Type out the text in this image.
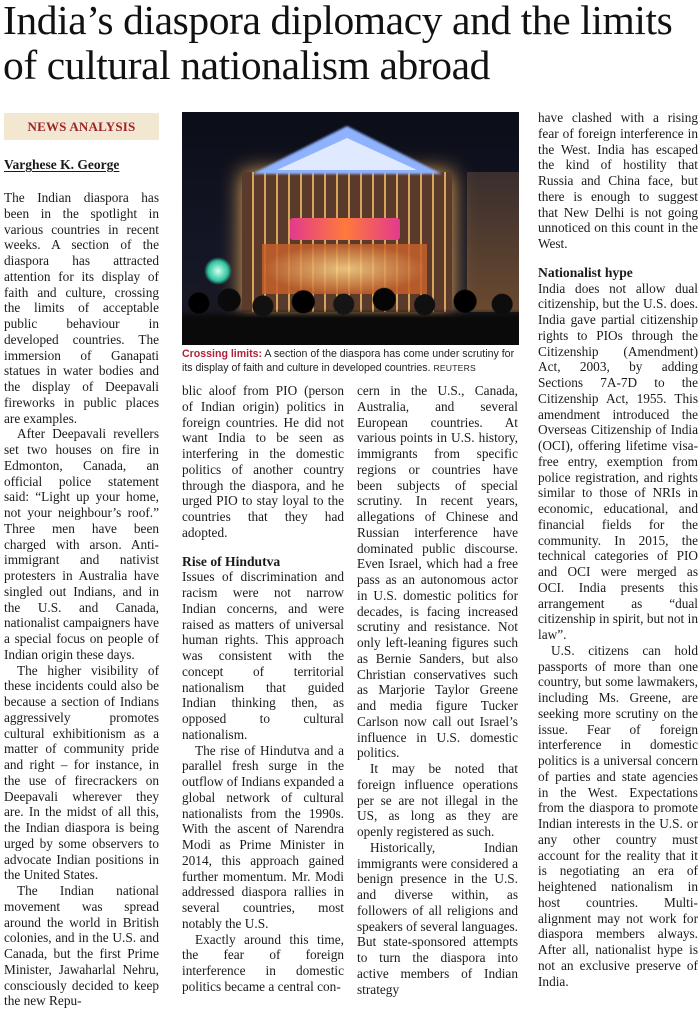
India’s diaspora diplomacy and the limits of cultural nationalism abroad
NEWS ANALYSIS
Varghese K. George

The Indian diaspora has been in the spotlight in various countries in recent weeks. A section of the diaspora has attracted attention for its display of faith and culture, crossing the limits of acceptable public behaviour in developed countries. The immersion of Ganapati statues in water bodies and the display of Deepavali fireworks in public places are examples.

After Deepavali revellers set two houses on fire in Edmonton, Canada, an official police statement said: “Light up your home, not your neighbour’s roof.” Three men have been charged with arson. Anti-immigrant and nativist protesters in Australia have singled out Indians, and in the U.S. and Canada, nationalist campaigners have a special focus on people of Indian origin these days.

The higher visibility of these incidents could also be because a section of Indians aggressively promotes cultural exhibitionism as a matter of community pride and right – for instance, in the use of firecrackers on Deepavali wherever they are. In the midst of all this, the Indian diaspora is being urged by some observers to advocate Indian positions in the United States.

The Indian national movement was spread around the world in British colonies, and in the U.S. and Canada, but the first Prime Minister, Jawaharlal Nehru, consciously decided to keep the new Repu-

Crossing limits: A section of the diaspora has come under scrutiny for its display of faith and culture in developed countries. REUTERS

blic aloof from PIO (person of Indian origin) politics in foreign countries. He did not want India to be seen as interfering in the domestic politics of another country through the diaspora, and he urged PIO to stay loyal to the countries that they had adopted.

Rise of Hindutva

Issues of discrimination and racism were not narrow Indian concerns, and were raised as matters of universal human rights. This approach was consistent with the concept of territorial nationalism that guided Indian thinking then, as opposed to cultural nationalism.

The rise of Hindutva and a parallel fresh surge in the outflow of Indians expanded a global network of cultural nationalists from the 1990s. With the ascent of Narendra Modi as Prime Minister in 2014, this approach gained further momentum. Mr. Modi addressed diaspora rallies in several countries, most notably the U.S.

Exactly around this time, the fear of foreign interference in domestic politics became a central con-

cern in the U.S., Canada, Australia, and several European countries. At various points in U.S. history, immigrants from specific regions or countries have been subjects of special scrutiny. In recent years, allegations of Chinese and Russian interference have dominated public discourse. Even Israel, which had a free pass as an autonomous actor in U.S. domestic politics for decades, is facing increased scrutiny and resistance. Not only left-leaning figures such as Bernie Sanders, but also Christian conservatives such as Marjorie Taylor Greene and media figure Tucker Carlson now call out Israel’s influence in U.S. domestic politics.

It may be noted that foreign influence operations per se are not illegal in the US, as long as they are openly registered as such.

Historically, Indian immigrants were considered a benign presence in the U.S. and diverse within, as followers of all religions and speakers of several languages. But state-sponsored attempts to turn the diaspora into active members of Indian strategy

have clashed with a rising fear of foreign interference in the West. India has escaped the kind of hostility that Russia and China face, but there is enough to suggest that New Delhi is not going unnoticed on this count in the West.

Nationalist hype

India does not allow dual citizenship, but the U.S. does. India gave partial citizenship rights to PIOs through the Citizenship (Amendment) Act, 2003, by adding Sections 7A-7D to the Citizenship Act, 1955. This amendment introduced the Overseas Citizenship of India (OCI), offering lifetime visa-free entry, exemption from police registration, and rights similar to those of NRIs in economic, educational, and financial fields for the community. In 2015, the technical categories of PIO and OCI were merged as OCI. India presents this arrangement as “dual citizenship in spirit, but not in law”.

U.S. citizens can hold passports of more than one country, but some lawmakers, including Ms. Greene, are seeking more scrutiny on the issue. Fear of foreign interference in domestic politics is a universal concern of parties and state agencies in the West. Expectations from the diaspora to promote Indian interests in the U.S. or any other country must account for the reality that it is negotiating an era of heightened nationalism in host countries. Multi-alignment may not work for diaspora members always. After all, nationalist hype is not an exclusive preserve of India.
